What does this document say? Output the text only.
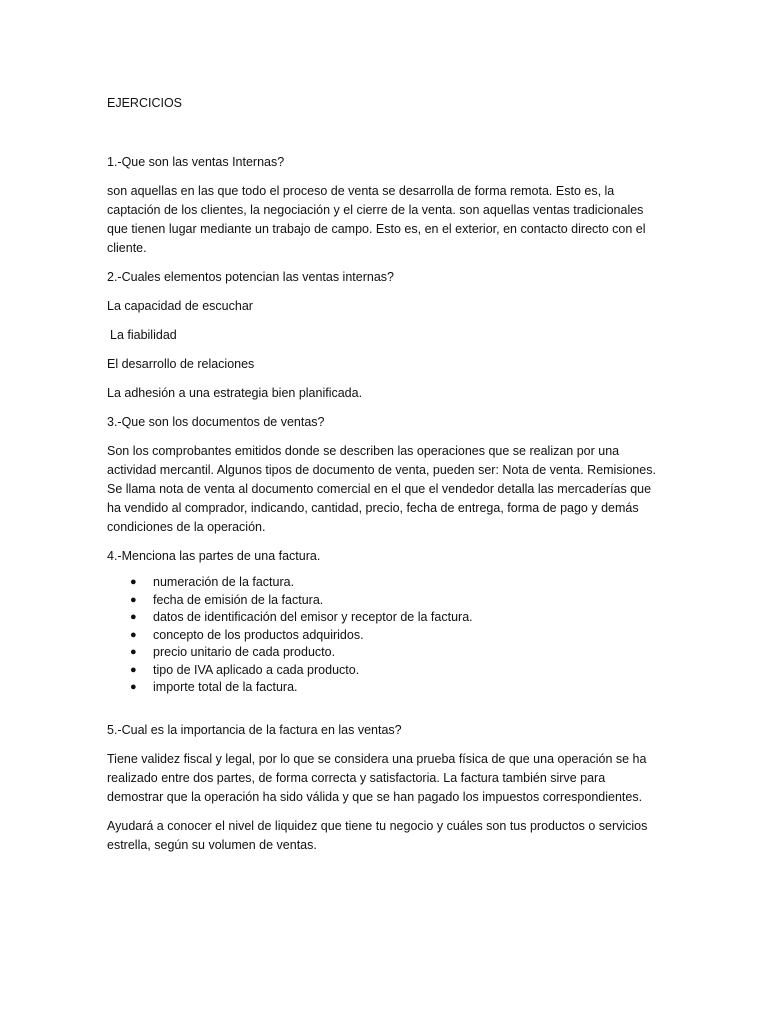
EJERCICIOS

1.-Que son las ventas Internas?

son aquellas en las que todo el proceso de venta se desarrolla de forma remota. Esto es, la captación de los clientes, la negociación y el cierre de la venta. son aquellas ventas tradicionales que tienen lugar mediante un trabajo de campo. Esto es, en el exterior, en contacto directo con el cliente.

2.-Cuales elementos potencian las ventas internas?

La capacidad de escuchar

La fiabilidad

El desarrollo de relaciones

La adhesión a una estrategia bien planificada.

3.-Que son los documentos de ventas?

Son los comprobantes emitidos donde se describen las operaciones que se realizan por una actividad mercantil. Algunos tipos de documento de venta, pueden ser: Nota de venta. Remisiones. Se llama nota de venta al documento comercial en el que el vendedor detalla las mercaderías que ha vendido al comprador, indicando, cantidad, precio, fecha de entrega, forma de pago y demás condiciones de la operación.

4.-Menciona las partes de una factura.

● numeración de la factura.
● fecha de emisión de la factura.
● datos de identificación del emisor y receptor de la factura.
● concepto de los productos adquiridos.
● precio unitario de cada producto.
● tipo de IVA aplicado a cada producto.
● importe total de la factura.

5.-Cual es la importancia de la factura en las ventas?

Tiene validez fiscal y legal, por lo que se considera una prueba física de que una operación se ha realizado entre dos partes, de forma correcta y satisfactoria. La factura también sirve para demostrar que la operación ha sido válida y que se han pagado los impuestos correspondientes.

Ayudará a conocer el nivel de liquidez que tiene tu negocio y cuáles son tus productos o servicios estrella, según su volumen de ventas.
